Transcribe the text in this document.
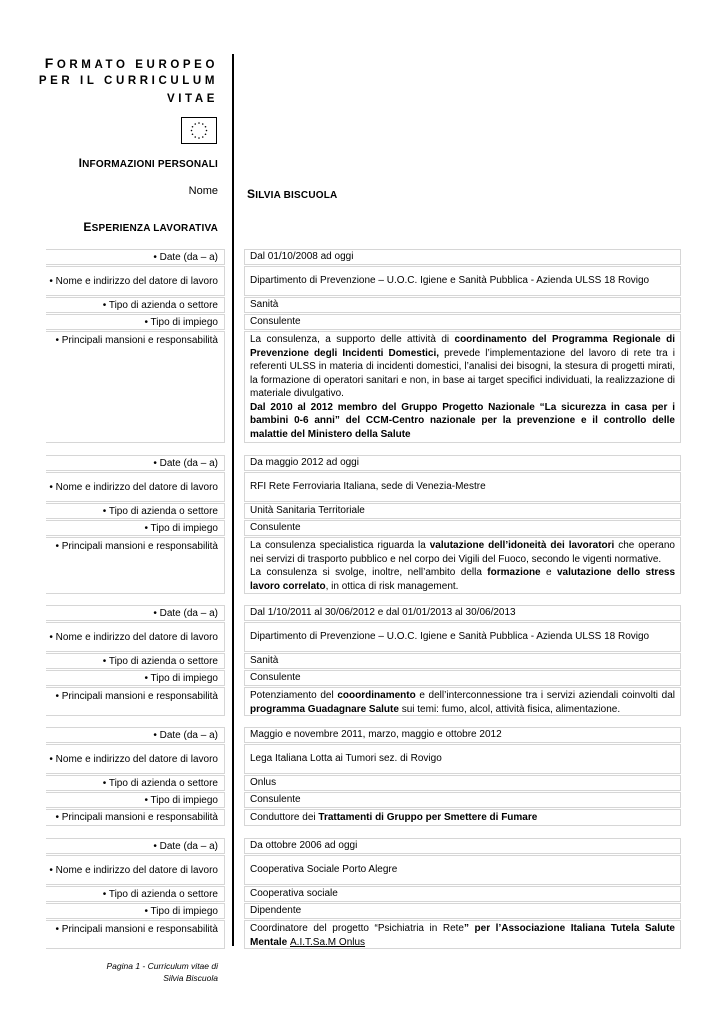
FORMATO EUROPEO
PER IL CURRICULUM
VITAE
INFORMAZIONI PERSONALI
Nome SILVIA BISCUOLA
ESPERIENZA LAVORATIVA
• Date (da – a)	Dal 01/10/2008 ad oggi
• Nome e indirizzo del datore di lavoro	Dipartimento di Prevenzione – U.O.C. Igiene e Sanità Pubblica - Azienda ULSS 18 Rovigo
• Tipo di azienda o settore	Sanità
• Tipo di impiego	Consulente
• Principali mansioni e responsabilità	La consulenza, a supporto delle attività di coordinamento del Programma Regionale di Prevenzione degli Incidenti Domestici, prevede l’implementazione del lavoro di rete tra i referenti ULSS in materia di incidenti domestici, l’analisi dei bisogni, la stesura di progetti mirati, la formazione di operatori sanitari e non, in base ai target specifici individuati, la realizzazione di materiale divulgativo.

Dal 2010 al 2012 membro del Gruppo Progetto Nazionale “La sicurezza in casa per i bambini 0-6 anni” del CCM-Centro nazionale per la prevenzione e il controllo delle malattie del Ministero della Salute

• Date (da – a)	Da maggio 2012 ad oggi
• Nome e indirizzo del datore di lavoro	RFI Rete Ferroviaria Italiana, sede di Venezia-Mestre
• Tipo di azienda o settore	Unità Sanitaria Territoriale
• Tipo di impiego	Consulente
• Principali mansioni e responsabilità	La consulenza specialistica riguarda la valutazione dell’idoneità dei lavoratori che operano nei servizi di trasporto pubblico e nel corpo dei Vigili del Fuoco, secondo le vigenti normative.

La consulenza si svolge, inoltre, nell’ambito della formazione e valutazione dello stress lavoro correlato, in ottica di risk management.

• Date (da – a)	Dal 1/10/2011 al 30/06/2012 e dal 01/01/2013 al 30/06/2013
• Nome e indirizzo del datore di lavoro	Dipartimento di Prevenzione – U.O.C. Igiene e Sanità Pubblica - Azienda ULSS 18 Rovigo
• Tipo di azienda o settore	Sanità
• Tipo di impiego	Consulente
• Principali mansioni e responsabilità	Potenziamento del cooordinamento e dell’interconnessione tra i servizi aziendali coinvolti dal programma Guadagnare Salute sui temi: fumo, alcol, attività fisica, alimentazione.

• Date (da – a)	Maggio e novembre 2011, marzo, maggio e ottobre 2012
• Nome e indirizzo del datore di lavoro	Lega Italiana Lotta ai Tumori sez. di Rovigo
• Tipo di azienda o settore	Onlus
• Tipo di impiego	Consulente
• Principali mansioni e responsabilità	Conduttore dei Trattamenti di Gruppo per Smettere di Fumare

• Date (da – a)	Da ottobre 2006 ad oggi
• Nome e indirizzo del datore di lavoro	Cooperativa Sociale Porto Alegre
• Tipo di azienda o settore	Cooperativa sociale
• Tipo di impiego	Dipendente
• Principali mansioni e responsabilità	Coordinatore del progetto “Psichiatria in Rete” per l’Associazione Italiana Tutela Salute Mentale A.I.T.Sa.M Onlus

Pagina 1 - Curriculum vitae di
Silvia Biscuola
